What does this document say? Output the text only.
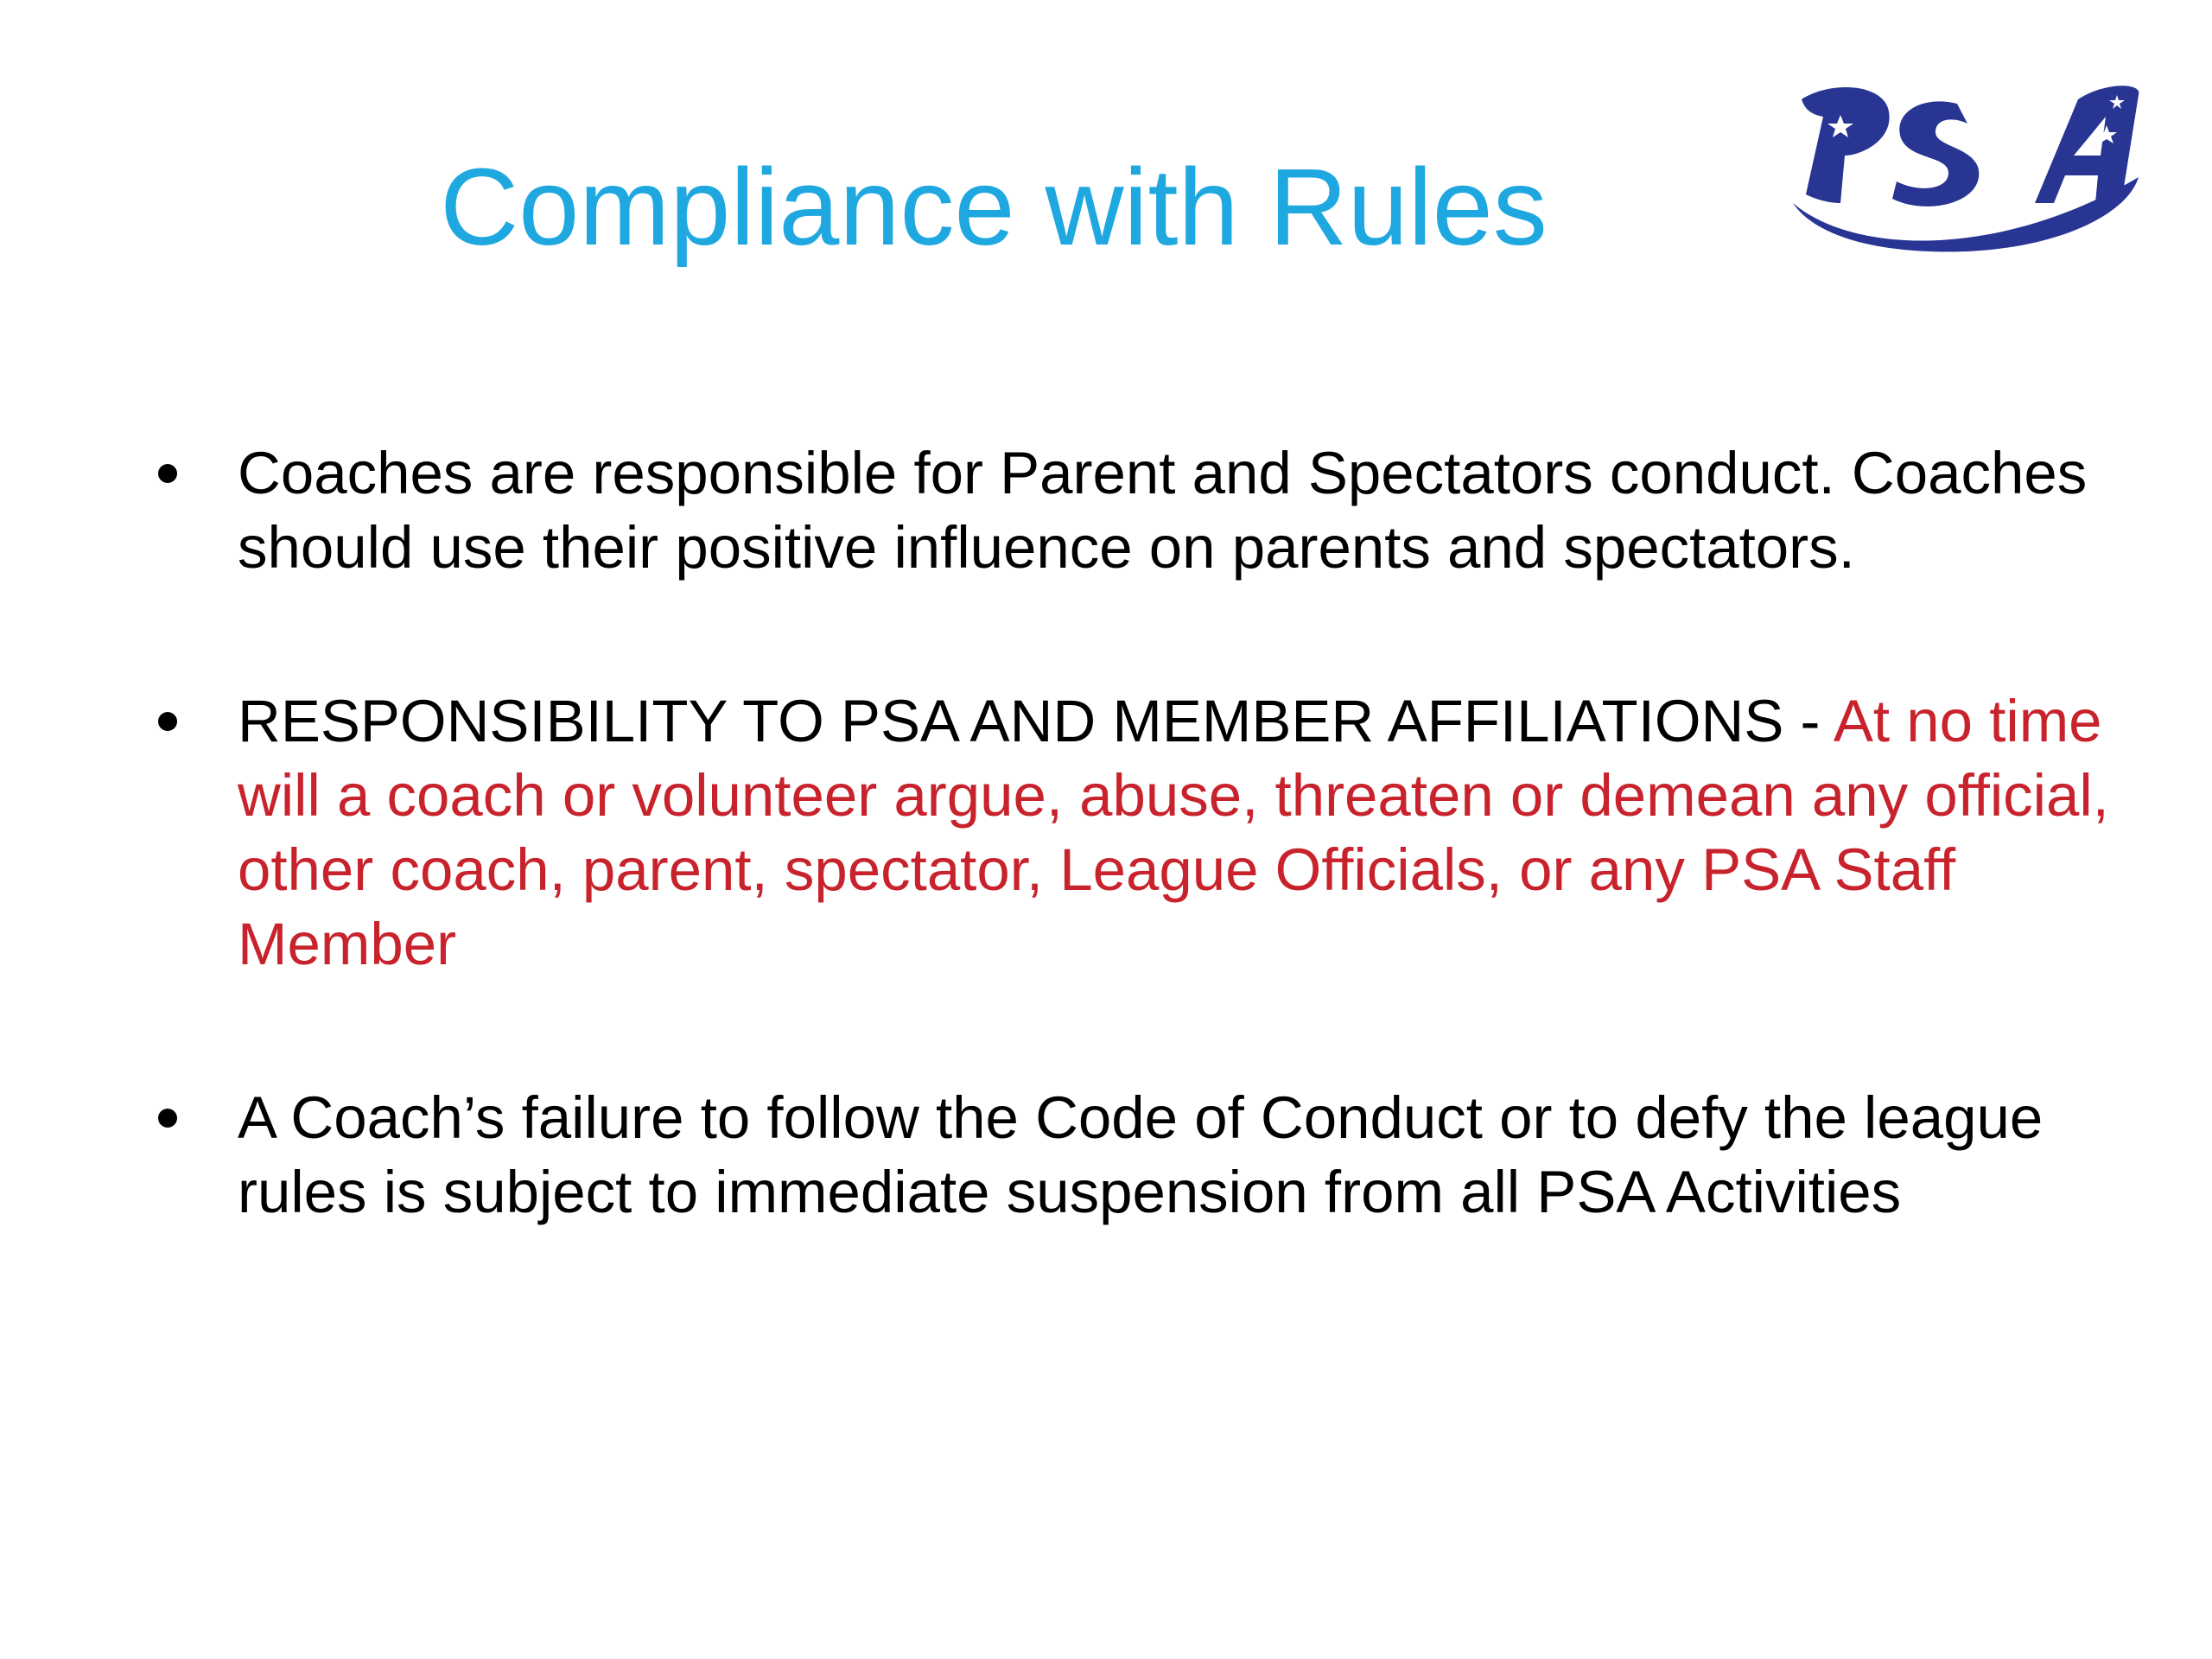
Compliance with Rules
Coaches are responsible for Parent and Spectators conduct. Coaches should use their positive influence on parents and spectators.
RESPONSIBILITY TO PSA AND MEMBER AFFILIATIONS - At no time will a coach or volunteer argue, abuse, threaten or demean any official, other coach, parent, spectator, League Officials, or any PSA Staff Member
A Coach’s failure to follow the Code of Conduct or to defy the league rules is subject to immediate suspension from all PSA Activities
